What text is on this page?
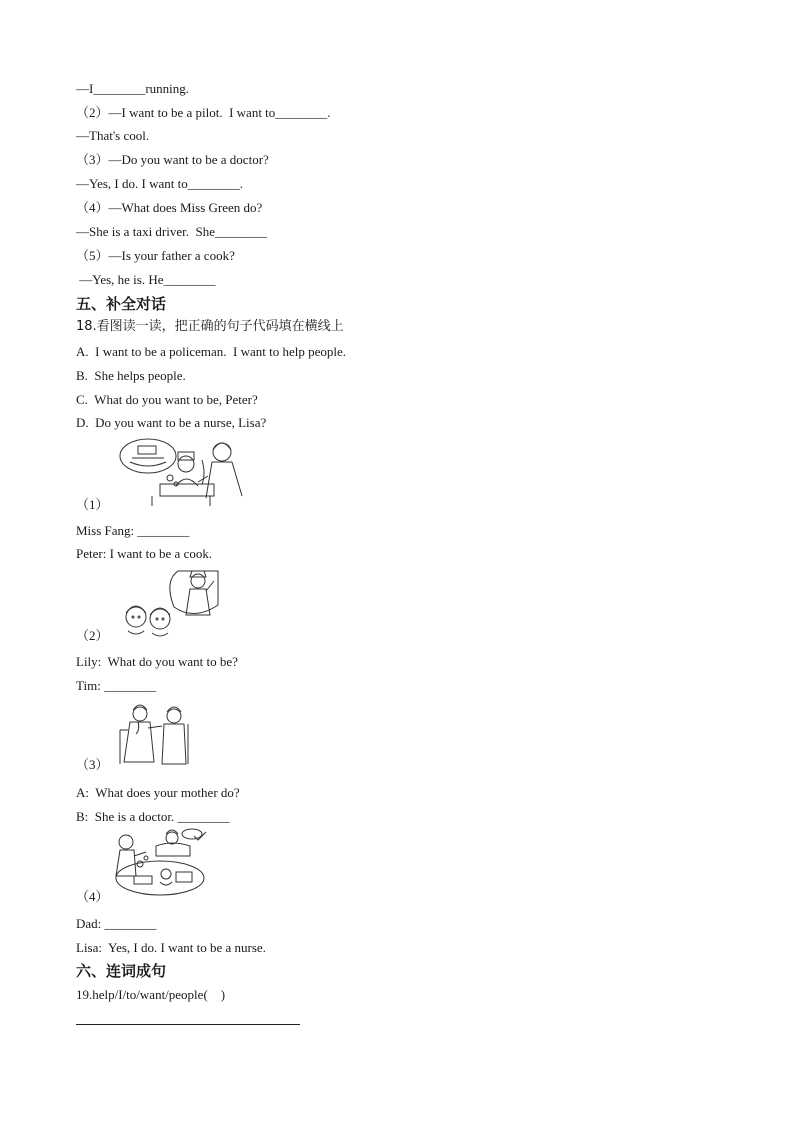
—I________running.
（2）—I want to be a pilot.  I want to________.
—That's cool.
（3）—Do you want to be a doctor?
—Yes, I do. I want to________.
（4）—What does Miss Green do?
—She is a taxi driver.  She________
（5）—Is your father a cook?
—Yes, he is. He________
五、补全对话
18.看图读一读，把正确的句子代码填在横线上
A.  I want to be a policeman.  I want to help people.
B.  She helps people.
C.  What do you want to be, Peter?
D.  Do you want to be a nurse, Lisa?
（1）
Miss Fang: ________
Peter: I want to be a cook.
（2）
Lily:  What do you want to be?
Tim: ________
（3）
A:  What does your mother do?
B:  She is a doctor. ________
（4）
Dad: ________
Lisa:  Yes, I do. I want to be a nurse.
六、连词成句
19.help/I/to/want/people(    )
